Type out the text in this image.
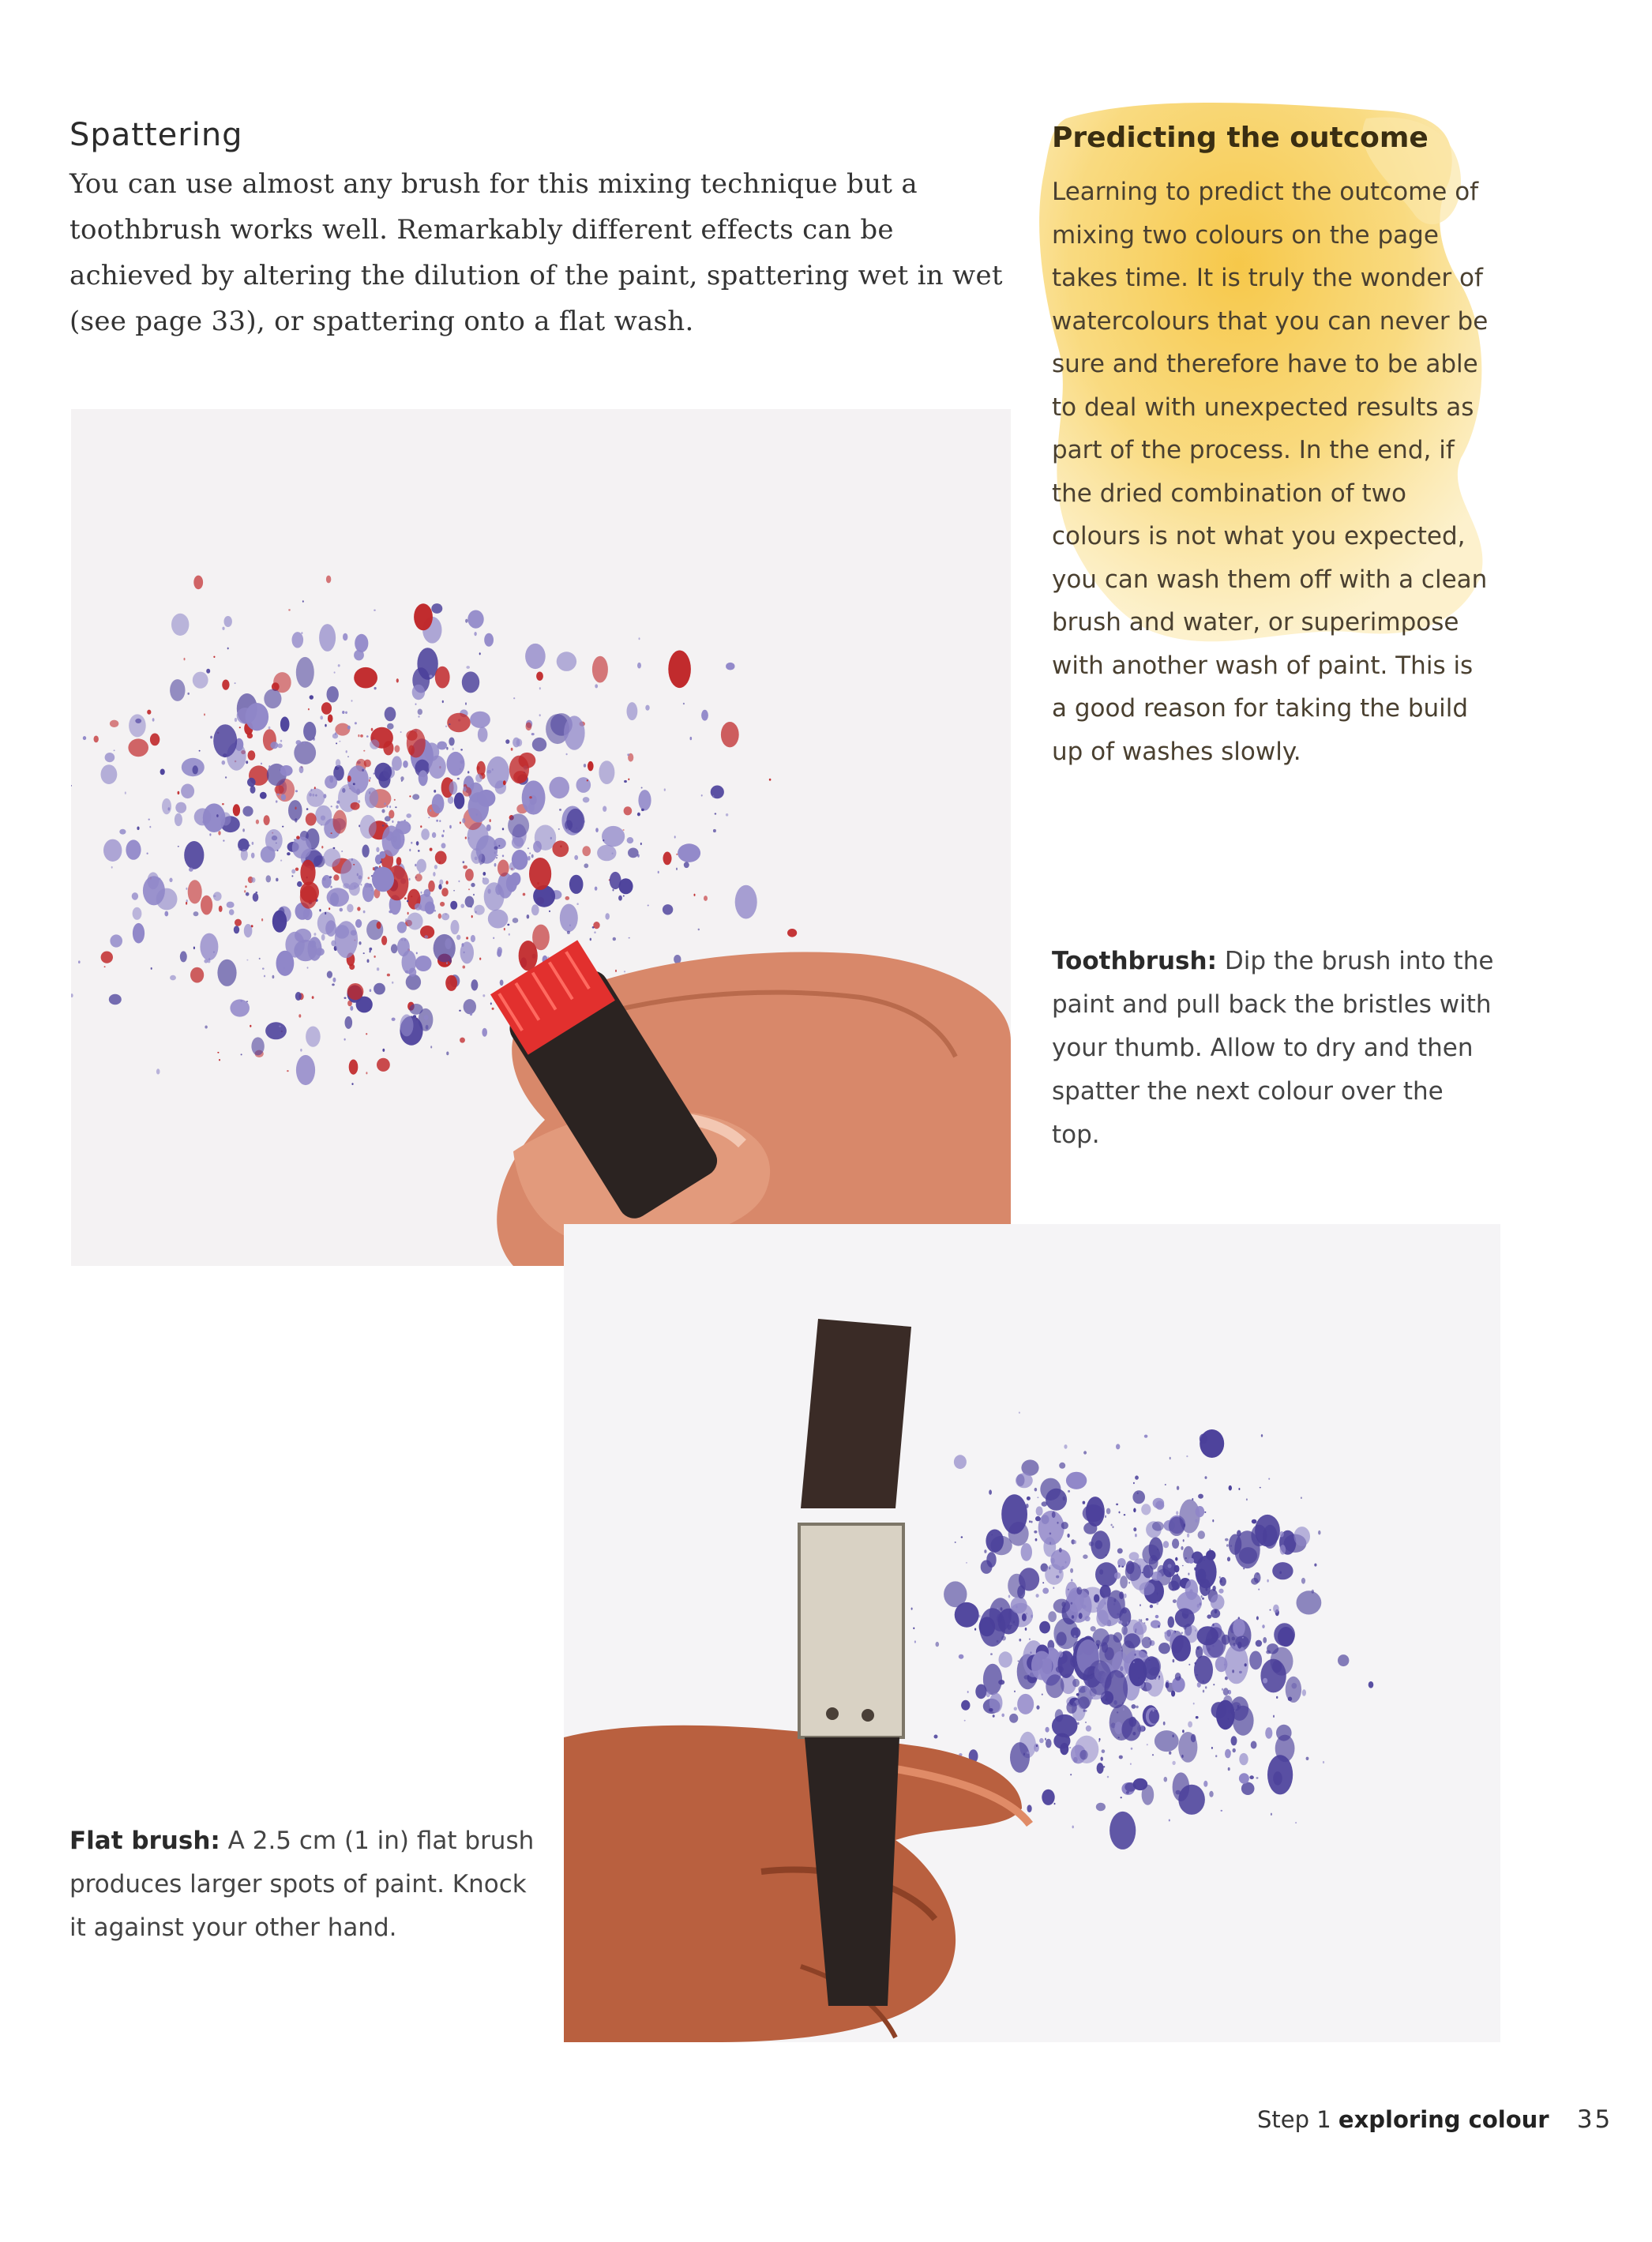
Spattering
You can use almost any brush for this mixing technique but a toothbrush works well. Remarkably different effects can be achieved by altering the dilution of the paint, spattering wet in wet (see page 33), or spattering onto a flat wash.
Predicting the outcome
Learning to predict the outcome of mixing two colours on the page takes time. It is truly the wonder of watercolours that you can never be sure and therefore have to be able to deal with unexpected results as part of the process. In the end, if the dried combination of two colours is not what you expected, you can wash them off with a clean brush and water, or superimpose with another wash of paint. This is a good reason for taking the build up of washes slowly.
Toothbrush: Dip the brush into the paint and pull back the bristles with your thumb. Allow to dry and then spatter the next colour over the top.
Flat brush: A 2.5 cm (1 in) flat brush produces larger spots of paint. Knock it against your other hand.
Step 1 exploring colour 35
